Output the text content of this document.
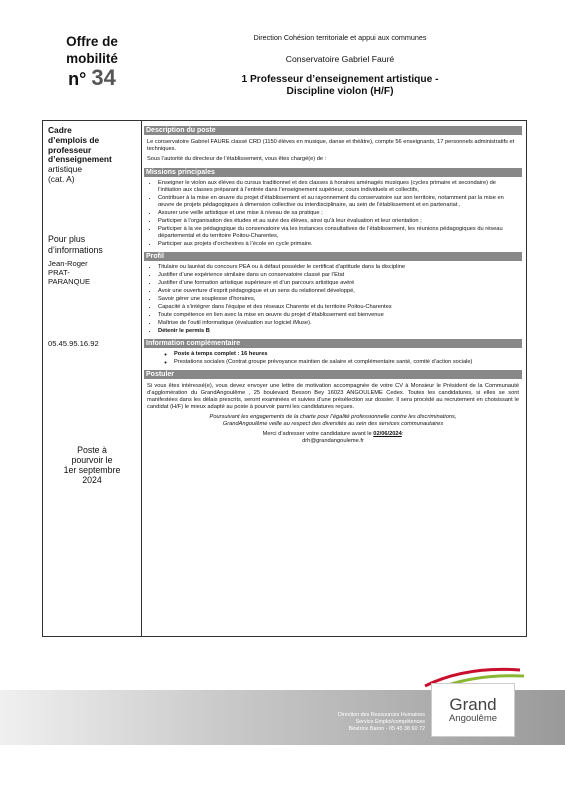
Offre de
mobilité
n° 34
Direction Cohésion territoriale et appui aux communes
Conservatoire Gabriel Fauré
1 Professeur d’enseignement artistique -
Discipline violon (H/F)
Cadre
d’emplois de
professeur
d’enseignement
artistique
(cat. A)
Pour plus
d’informations
Jean-Roger
PRAT-
PARANQUE
05.45.95.16.92
Poste à
pourvoir le
1er septembre
2024
Description du poste

Le conservatoire Gabriel FAURE classé CRD (1150 élèves en musique, danse et théâtre), compte 56 enseignants, 17 personnels administratifs et techniques.

Sous l’autorité du directeur de l’établissement, vous êtes chargé(e) de :

Missions principales
• Enseigner le violon aux élèves du cursus traditionnel et des classes à horaires aménagés musiques (cycles primaire et secondaire) de l’initiation aux classes préparant à l’entrée dans l’enseignement supérieur, cours individuels et collectifs,
• Contribuer à la mise en œuvre du projet d’établissement et au rayonnement du conservatoire sur son territoire, notamment par la mise en œuvre de projets pédagogiques à dimension collective ou interdisciplinaire, au sein de l’établissement et en partenariat ,
• Assurer une veille artistique et une mise à niveau de sa pratique ;
• Participer à l’organisation des études et au suivi des élèves, ainsi qu’à leur évaluation et leur orientation ;
• Participer à la vie pédagogique du conservatoire via les instances consultatives de l’établissement, les réunions pédagogiques du réseau départemental et du territoire Poitou-Charentes,
• Participer aux projets d’orchestres à l’école en cycle primaire.
Profil
• Titulaire ou lauréat du concours PEA ou à défaut posséder le certificat d’aptitude dans la discipline
• Justifier d’une expérience similaire dans un conservatoire classé par l’Etat
• Justifier d’une formation artistique supérieure et d’un parcours artistique avéré
• Avoir une ouverture d’esprit pédagogique et un sens du relationnel développé,
• Savoir gérer une souplesse d’horaires,
• Capacité à s’intégrer dans l’équipe et des réseaux Charente et du territoire Poitou-Charentes
• Toute compétence en lien avec la mise en œuvre du projet d’établissement est bienvenue
• Maîtrise de l’outil informatique (évaluation sur logiciel iMuse).
• Détenir le permis B
Information complémentaire
◦ Poste à temps complet : 16 heures
◦ Prestations sociales (Contrat groupe prévoyance maintien de salaire et complémentaire santé, comité d’action sociale)
Postuler

Si vous êtes intéressé(e), vous devez envoyer une lettre de motivation accompagnée de votre CV à Monsieur le Président de la Communauté d’agglomération du GrandAngoulême , 25 boulevard Besson Bey 16023 ANGOULEME Cedex. Toutes les candidatures, si elles se sont manifestées dans les délais prescrits, seront examinées et suivies d’une présélection sur dossier. Il sera procédé au recrutement en choisissant le candidat (H/F) le mieux adapté au poste à pourvoir parmi les candidatures reçues.

Poursuivant les engagements de la charte pour l’égalité professionnelle contre les discriminations,
GrandAngoulême veille au respect des diversités au sein des services communautaires
Merci d’adresser votre candidature avant le 02/06/2024:
drh@grandangouleme.fr
Direction des Ressources Humaines
Service Emploi/compétences
Béatrice Baron - 05 45 38 60 72
Grand
Angoulême
